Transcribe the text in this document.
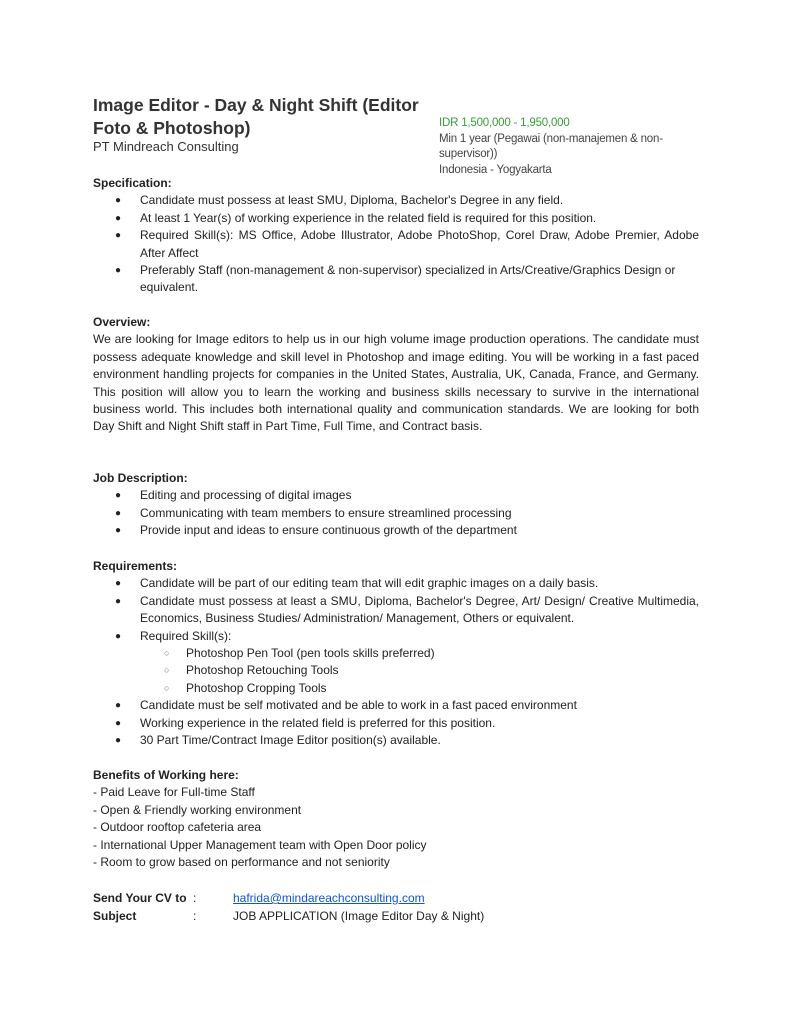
Image Editor - Day & Night Shift (Editor Foto & Photoshop)
PT Mindreach Consulting
IDR 1,500,000 - 1,950,000
Min 1 year (Pegawai (non-manajemen & non-supervisor))
Indonesia - Yogyakarta
Specification:
● Candidate must possess at least SMU, Diploma, Bachelor's Degree in any field.
● At least 1 Year(s) of working experience in the related field is required for this position.
● Required Skill(s): MS Office, Adobe Illustrator, Adobe PhotoShop, Corel Draw, Adobe Premier, Adobe After Affect
● Preferably Staff (non-management & non-supervisor) specialized in Arts/Creative/Graphics Design or equivalent.
Overview:

We are looking for Image editors to help us in our high volume image production operations. The candidate must possess adequate knowledge and skill level in Photoshop and image editing. You will be working in a fast paced environment handling projects for companies in the United States, Australia, UK, Canada, France, and Germany. This position will allow you to learn the working and business skills necessary to survive in the international business world. This includes both international quality and communication standards. We are looking for both Day Shift and Night Shift staff in Part Time, Full Time, and Contract basis.

Job Description:
● Editing and processing of digital images
● Communicating with team members to ensure streamlined processing
● Provide input and ideas to ensure continuous growth of the department
Requirements:
● Candidate will be part of our editing team that will edit graphic images on a daily basis.
● Candidate must possess at least a SMU, Diploma, Bachelor's Degree, Art/ Design/ Creative Multimedia, Economics, Business Studies/ Administration/ Management, Others or equivalent.
● Required Skill(s):
○ Photoshop Pen Tool (pen tools skills preferred)
○ Photoshop Retouching Tools
○ Photoshop Cropping Tools
● Candidate must be self motivated and be able to work in a fast paced environment
● Working experience in the related field is preferred for this position.
● 30 Part Time/Contract Image Editor position(s) available.
Benefits of Working here:

- Paid Leave for Full-time Staff

- Open & Friendly working environment

- Outdoor rooftop cafeteria area

- International Upper Management team with Open Door policy

- Room to grow based on performance and not seniority

Send Your CV to :	hafrida@mindareachconsulting.com
Subject	:	JOB APPLICATION (Image Editor Day & Night)
